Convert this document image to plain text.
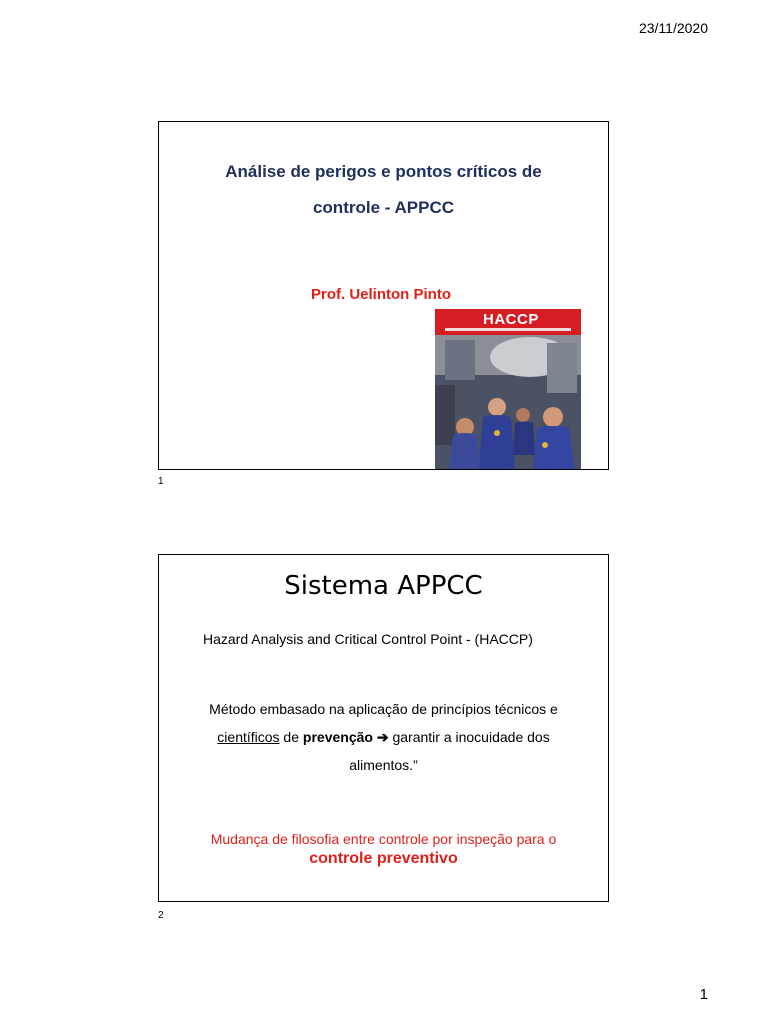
23/11/2020
Análise de perigos e pontos críticos de
controle - APPCC
Prof. Uelinton Pinto
HACCP
1
Sistema APPCC
Hazard Analysis and Critical Control Point - (HACCP)
Método embasado na aplicação de princípios técnicos e
científicos de prevenção ➔ garantir a inocuidade dos
alimentos.”
Mudança de filosofia entre controle por inspeção para o
controle preventivo
2
1
